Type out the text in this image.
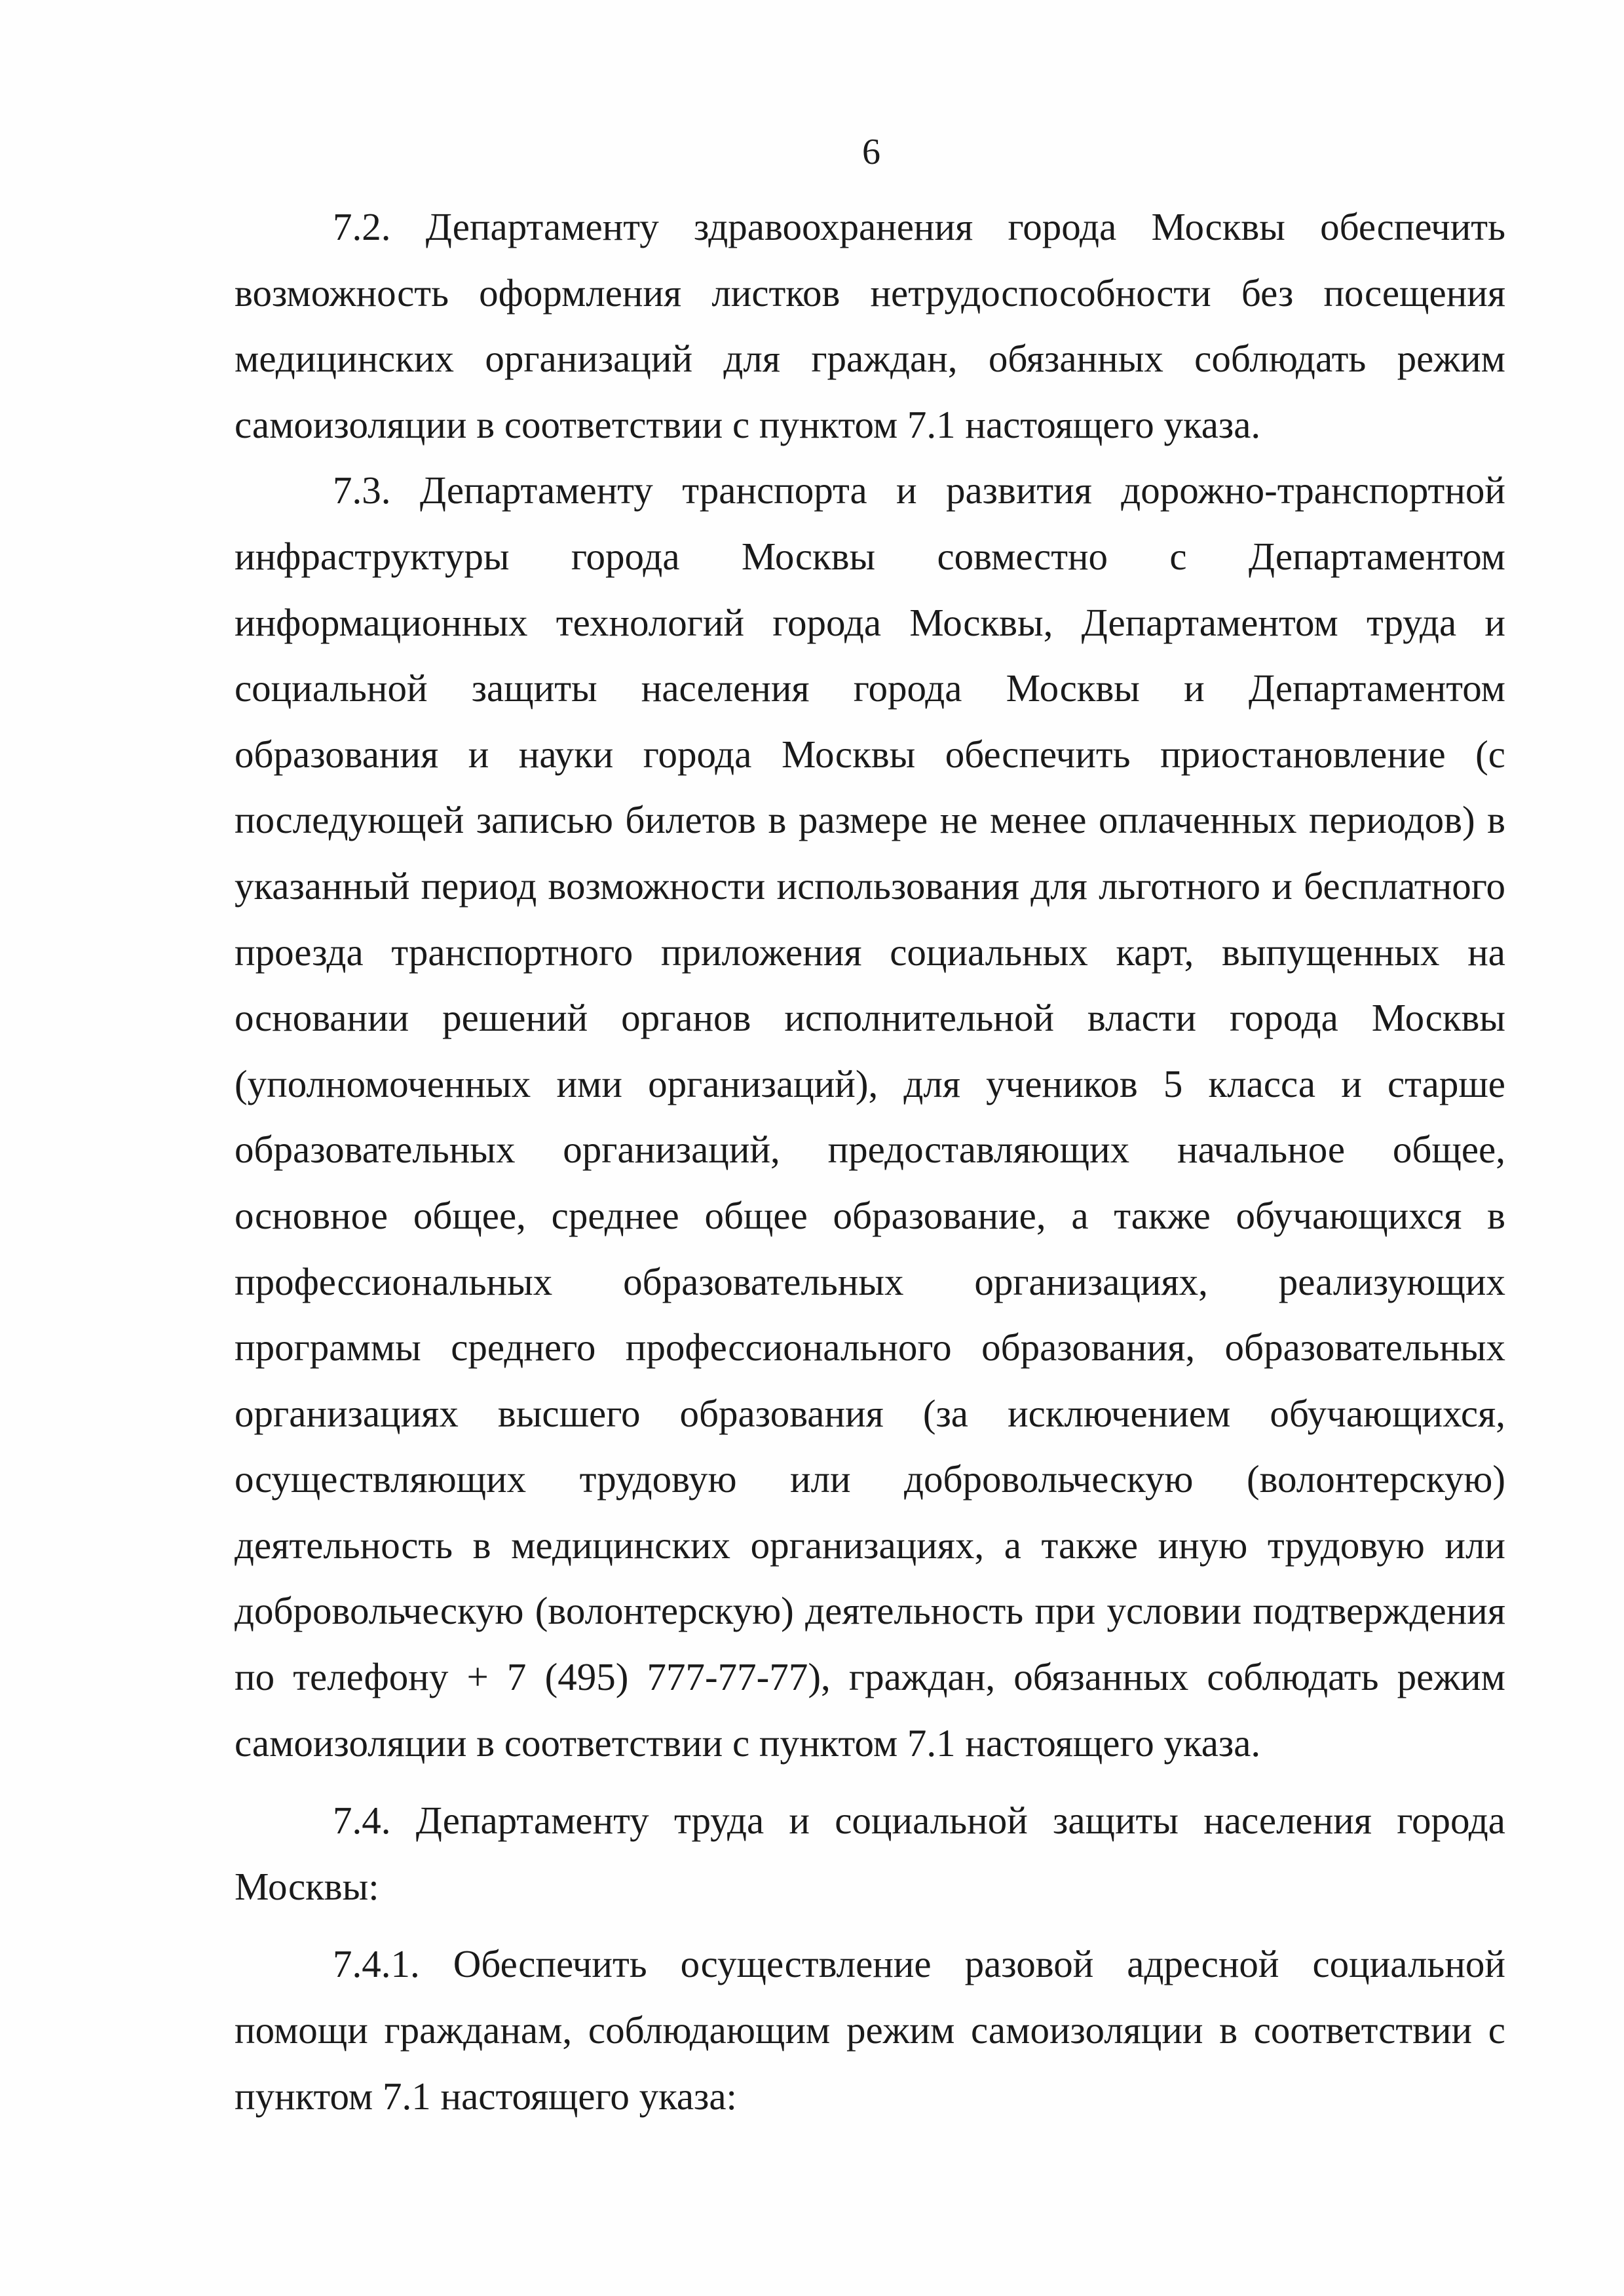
6

7.2. Департаменту здравоохранения города Москвы обеспечить возможность оформления листков нетрудоспособности без посещения медицинских организаций для граждан, обязанных соблюдать режим самоизоляции в соответствии с пунктом 7.1 настоящего указа.

7.3. Департаменту транспорта и развития дорожно-транспортной инфраструктуры города Москвы совместно с Департаментом информационных технологий города Москвы, Департаментом труда и социальной защиты населения города Москвы и Департаментом образования и науки города Москвы обеспечить приостановление (с последующей записью билетов в размере не менее оплаченных периодов) в указанный период возможности использования для льготного и бесплатного проезда транспортного приложения социальных карт, выпущенных на основании решений органов исполнительной власти города Москвы (уполномоченных ими организаций), для учеников 5 класса и старше образовательных организаций, предоставляющих начальное общее, основное общее, среднее общее образование, а также обучающихся в профессиональных образовательных организациях, реализующих программы среднего профессионального образования, образовательных организациях высшего образования (за исключением обучающихся, осуществляющих трудовую или добровольческую (волонтерскую) деятельность в медицинских организациях, а также иную трудовую или добровольческую (волонтерскую) деятельность при условии подтверждения по телефону + 7 (495) 777-77-77), граждан, обязанных соблюдать режим самоизоляции в соответствии с пунктом 7.1 настоящего указа.

7.4. Департаменту труда и социальной защиты населения города Москвы:

7.4.1. Обеспечить осуществление разовой адресной социальной помощи гражданам, соблюдающим режим самоизоляции в соответствии с пунктом 7.1 настоящего указа:
